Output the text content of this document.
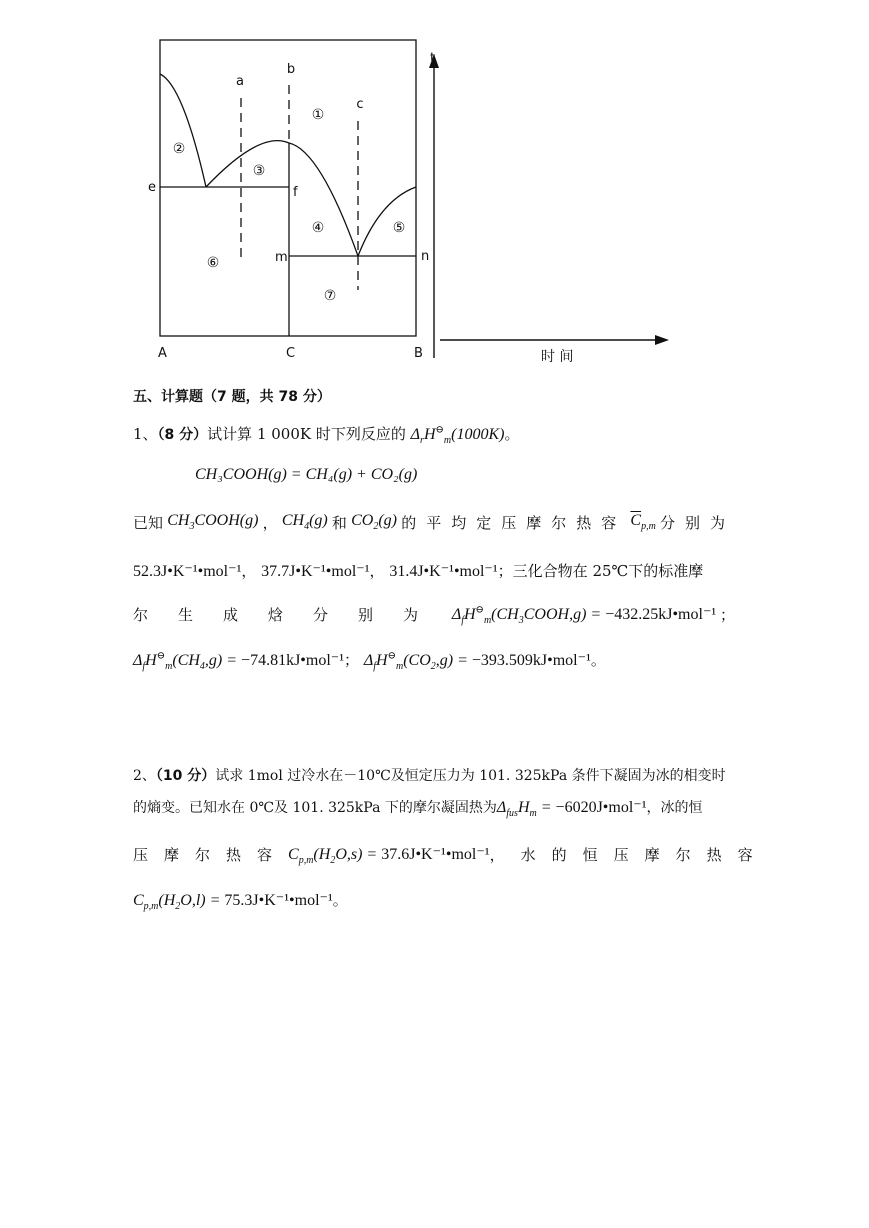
a
b
c
e	f
m	n
A	C	B
①
②
③
④	⑤
⑥
⑦
t
时 间
五、计算题（7 题，共 78 分）
1、（8 分）试计算 1 000K 时下列反应的 $\Delta_rH^⊖_m(1000K)$。
CH₃COOH(g) = CH₄(g) + CO₂(g)
已知 $CH_3COOH(g)$ ， $CH_4(g)$ 和 $CO_2(g)$ 的平均定压摩尔热容 $\overline{C}_{p,m}$ 分别为
52.3J•K⁻¹•mol⁻¹， 37.7J•K⁻¹•mol⁻¹， 31.4J•K⁻¹•mol⁻¹；三化合物在 25℃下的标准摩
尔生成焓分别为 $\Delta_fH^⊖_m(CH_3COOH,g)$ = −432.25kJ•mol⁻¹ ；
$\Delta_fH^⊖_m(CH_4,g)$ = −74.81kJ•mol⁻¹； $\Delta_fH^⊖_m(CO_2,g)$ = −393.509kJ•mol⁻¹。
2、（10 分）试求 1mol 过冷水在－10℃及恒定压力为 101. 325kPa 条件下凝固为冰的相变时
的熵变。已知水在 0℃及 101. 325kPa 下的摩尔凝固热为$\Delta_{fus}H_m$ = −6020J•mol⁻¹，冰的恒
压摩尔热容 $C_{p,m}(H_2O,s)$ = 37.6J•K⁻¹•mol⁻¹ ，水的恒压摩尔热容
$C_{p,m}(H_2O,l)$ = 75.3J•K⁻¹•mol⁻¹。
